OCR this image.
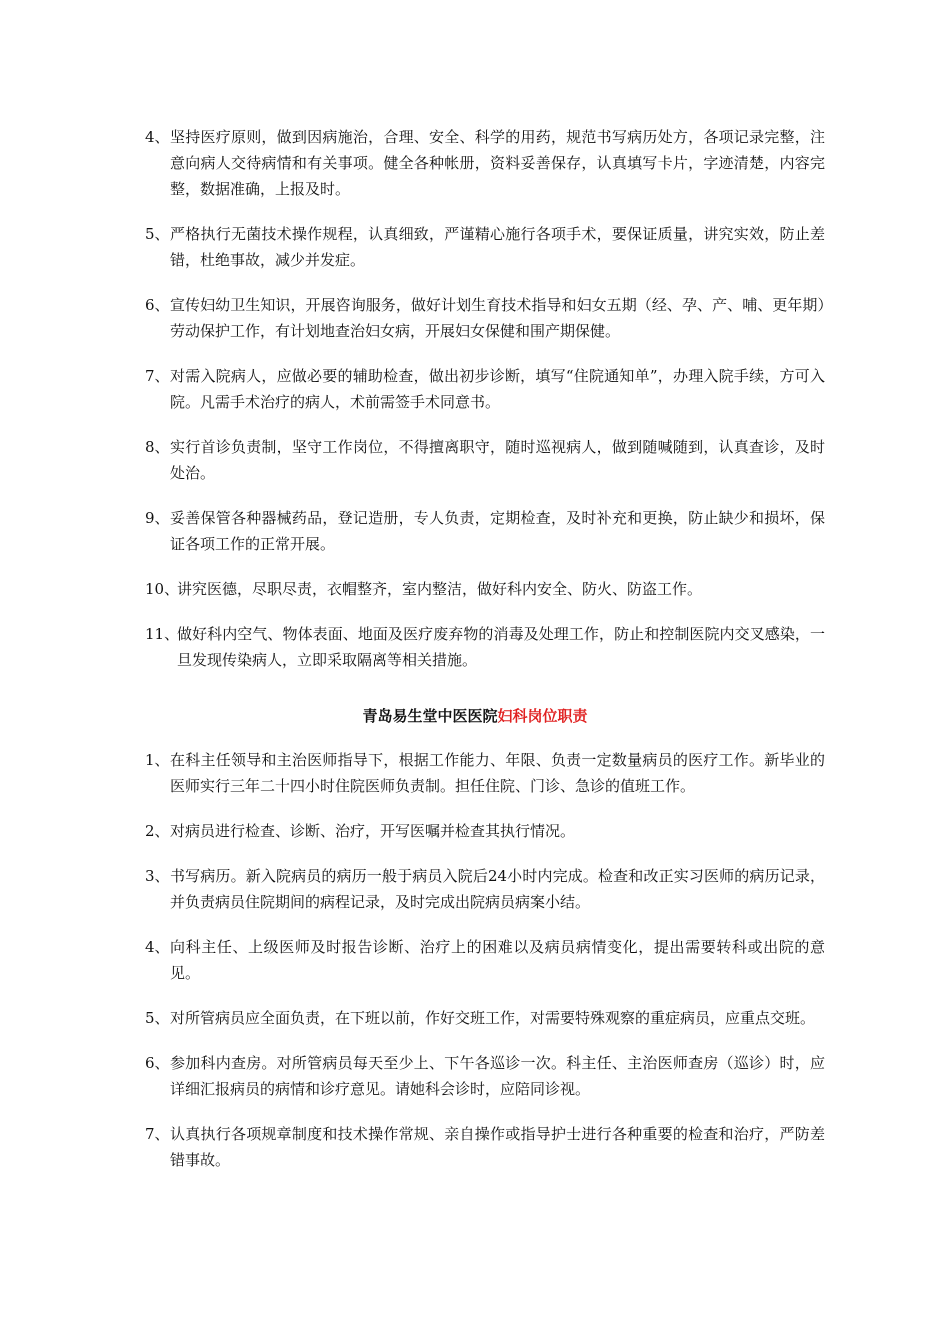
4、 坚持医疗原则，做到因病施治，合理、安全、科学的用药，规范书写病历处方，各项记录完整，注意向病人交待病情和有关事项。健全各种帐册，资料妥善保存，认真填写卡片，字迹清楚，内容完整，数据准确，上报及时。
5、 严格执行无菌技术操作规程，认真细致，严谨精心施行各项手术，要保证质量，讲究实效，防止差错，杜绝事故，减少并发症。
6、 宣传妇幼卫生知识，开展咨询服务，做好计划生育技术指导和妇女五期（经、孕、产、哺、更年期）劳动保护工作，有计划地查治妇女病，开展妇女保健和围产期保健。
7、 对需入院病人，应做必要的辅助检查，做出初步诊断，填写“住院通知单”，办理入院手续，方可入院。凡需手术治疗的病人，术前需签手术同意书。
8、 实行首诊负责制，坚守工作岗位，不得擅离职守，随时巡视病人，做到随喊随到，认真查诊，及时处治。
9、 妥善保管各种器械药品，登记造册，专人负责，定期检查，及时补充和更换，防止缺少和损坏，保证各项工作的正常开展。
10、
讲究医德，尽职尽责，衣帽整齐，室内整洁，做好科内安全、防火、防盗工作。
11、
做好科内空气、物体表面、地面及医疗废弃物的消毒及处理工作，防止和控制医院内交叉感染，一旦发现传染病人，立即采取隔离等相关措施。
青岛易生堂中医医院妇科岗位职责
1、 在科主任领导和主治医师指导下，根据工作能力、年限、负责一定数量病员的医疗工作。新毕业的医师实行三年二十四小时住院医师负责制。担任住院、门诊、急诊的值班工作。
2、 对病员进行检查、诊断、治疗，开写医嘱并检查其执行情况。
3、 书写病历。新入院病员的病历一般于病员入院后24小时内完成。检查和改正实习医师的病历记录，并负责病员住院期间的病程记录，及时完成出院病员病案小结。
4、 向科主任、上级医师及时报告诊断、治疗上的困难以及病员病情变化，提出需要转科或出院的意见。
5、 对所管病员应全面负责，在下班以前，作好交班工作，对需要特殊观察的重症病员，应重点交班。
6、 参加科内查房。对所管病员每天至少上、下午各巡诊一次。科主任、主治医师查房（巡诊）时，应详细汇报病员的病情和诊疗意见。请她科会诊时，应陪同诊视。
7、 认真执行各项规章制度和技术操作常规、亲自操作或指导护士进行各种重要的检查和治疗，严防差错事故。
